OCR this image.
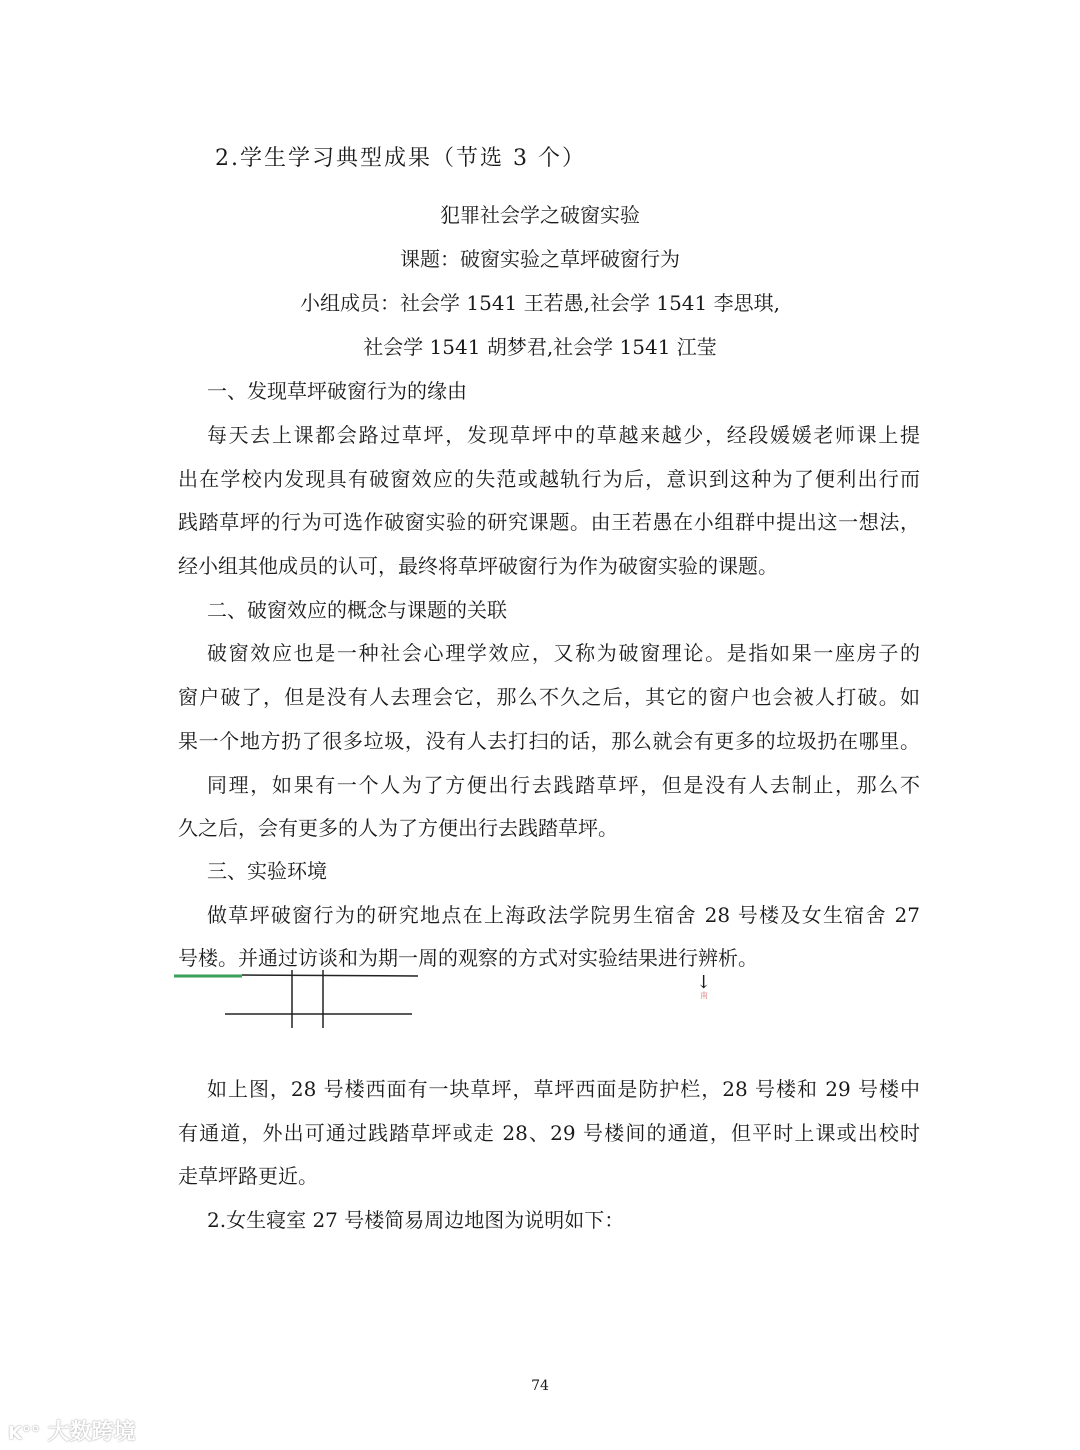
2.学生学习典型成果（节选 3 个）
犯罪社会学之破窗实验
课题：破窗实验之草坪破窗行为
小组成员：社会学 1541 王若愚,社会学 1541 李思琪,
社会学 1541 胡梦君,社会学 1541 江莹
一、发现草坪破窗行为的缘由
每天去上课都会路过草坪，发现草坪中的草越来越少，经段媛媛老师课上提
出在学校内发现具有破窗效应的失范或越轨行为后，意识到这种为了便利出行而
践踏草坪的行为可选作破窗实验的研究课题。由王若愚在小组群中提出这一想法，
经小组其他成员的认可，最终将草坪破窗行为作为破窗实验的课题。
二、破窗效应的概念与课题的关联
破窗效应也是一种社会心理学效应，又称为破窗理论。是指如果一座房子的
窗户破了，但是没有人去理会它，那么不久之后，其它的窗户也会被人打破。如
果一个地方扔了很多垃圾，没有人去打扫的话，那么就会有更多的垃圾扔在哪里。
同理，如果有一个人为了方便出行去践踏草坪，但是没有人去制止，那么不
久之后，会有更多的人为了方便出行去践踏草坪。
三、实验环境
做草坪破窗行为的研究地点在上海政法学院男生宿舍 28 号楼及女生宿舍 27
号楼。并通过访谈和为期一周的观察的方式对实验结果进行辨析。
↓
南
如上图，28 号楼西面有一块草坪，草坪西面是防护栏，28 号楼和 29 号楼中
有通道，外出可通过践踏草坪或走 28、29 号楼间的通道，但平时上课或出校时
走草坪路更近。
2.女生寝室 27 号楼简易周边地图为说明如下：
74
K°° 大数跨境
